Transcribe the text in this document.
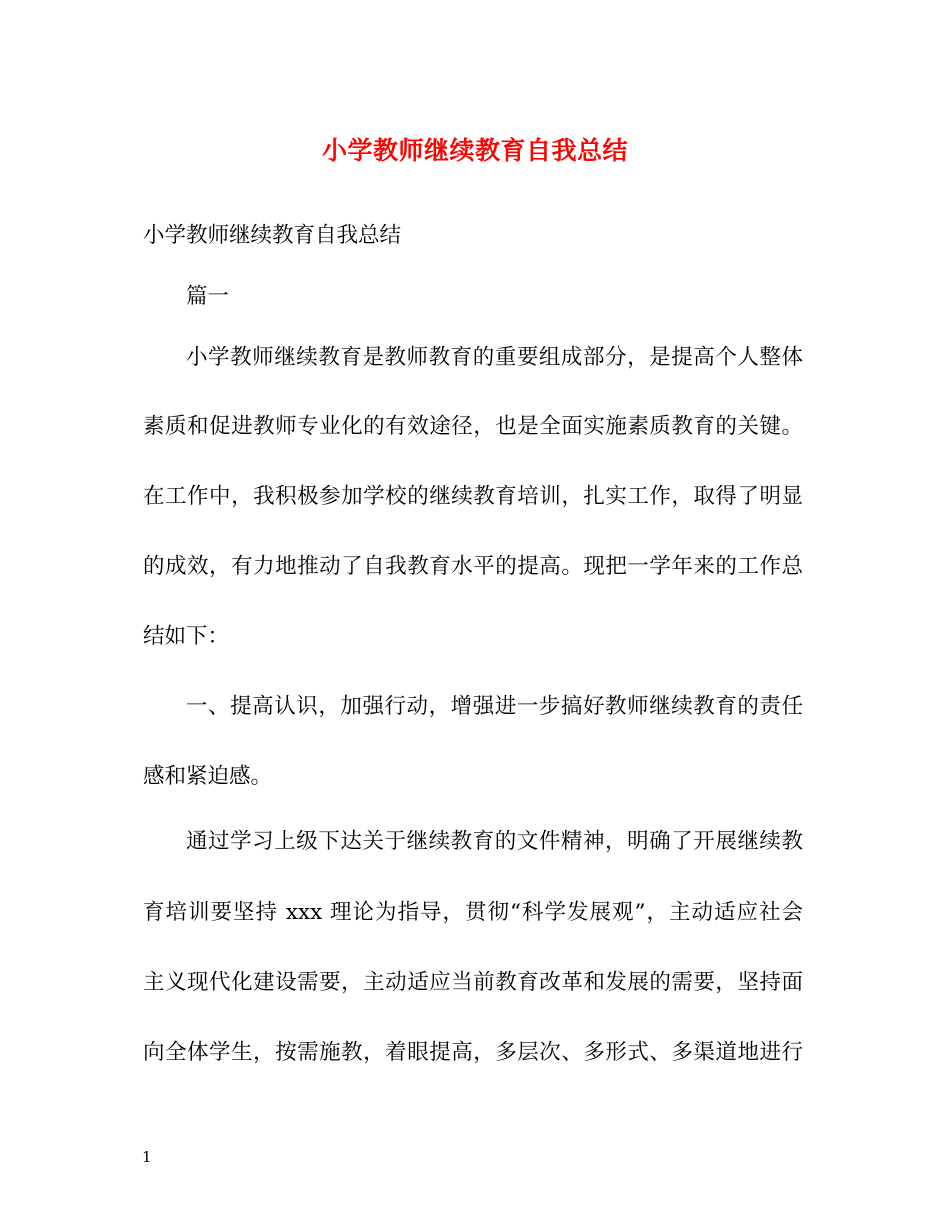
小学教师继续教育自我总结
小学教师继续教育自我总结
篇一
小学教师继续教育是教师教育的重要组成部分，是提高个人整体
素质和促进教师专业化的有效途径，也是全面实施素质教育的关键。
在工作中，我积极参加学校的继续教育培训，扎实工作，取得了明显
的成效，有力地推动了自我教育水平的提高。现把一学年来的工作总
结如下：
一、提高认识，加强行动，增强进一步搞好教师继续教育的责任
感和紧迫感。
通过学习上级下达关于继续教育的文件精神，明确了开展继续教
育培训要坚持 xxx 理论为指导，贯彻“科学发展观”，主动适应社会
主义现代化建设需要，主动适应当前教育改革和发展的需要，坚持面
向全体学生，按需施教，着眼提高，多层次、多形式、多渠道地进行
1
